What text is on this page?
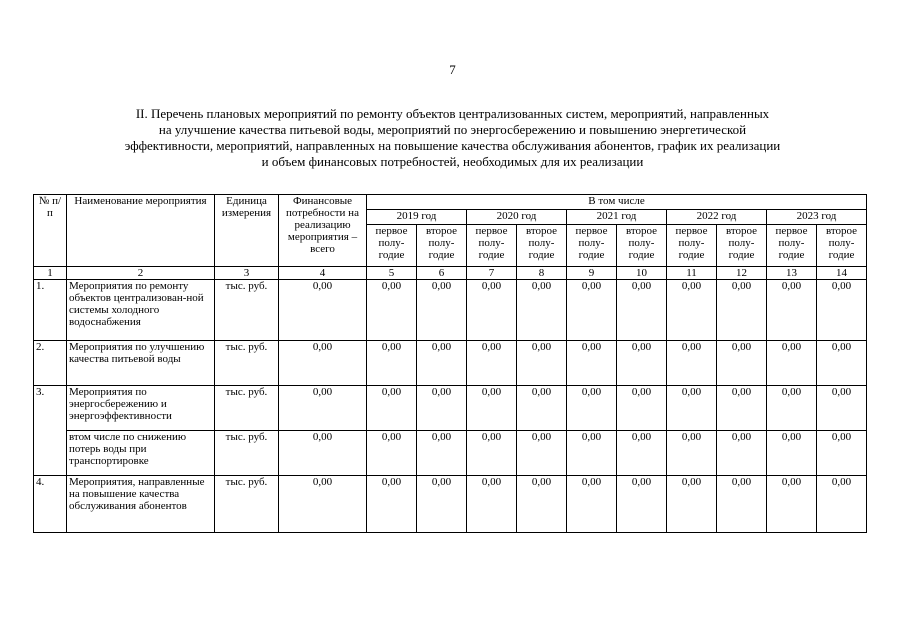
7
II. Перечень плановых мероприятий по ремонту объектов централизованных систем, мероприятий, направленных
на улучшение качества питьевой воды, мероприятий по энергосбережению и повышению энергетической
эффективности, мероприятий, направленных на повышение качества обслуживания абонентов, график их реализации
и объем финансовых потребностей, необходимых для их реализации
№ п/п	Наименование мероприятия	Единица измерения	Финансовые потребности на реализацию мероприятия – всего	В том числе									
				2019 год		2020 год		2021 год		2022 год		2023 год	
				первое полу-годие	второе полу-годие	первое полу-годие	второе полу-годие	первое полу-годие	второе полу-годие	первое полу-годие	второе полу-годие	первое полу-годие	второе полу-годие
1	2	3	4	5	6	7	8	9	10	11	12	13	14
1.	Мероприятия по ремонту объектов централизован-ной системы холодного водоснабжения	тыс. руб.	0,00	0,00	0,00	0,00	0,00	0,00	0,00	0,00	0,00	0,00	0,00
2.	Мероприятия по улучшению качества питьевой воды	тыс. руб.	0,00	0,00	0,00	0,00	0,00	0,00	0,00	0,00	0,00	0,00	0,00
3.	Мероприятия по энергосбережению и энергоэффективности	тыс. руб.	0,00	0,00	0,00	0,00	0,00	0,00	0,00	0,00	0,00	0,00	0,00
	втом числе по снижению потерь воды при транспортировке	тыс. руб.	0,00	0,00	0,00	0,00	0,00	0,00	0,00	0,00	0,00	0,00	0,00
4.	Мероприятия, направленные на повышение качества обслуживания абонентов	тыс. руб.	0,00	0,00	0,00	0,00	0,00	0,00	0,00	0,00	0,00	0,00	0,00
